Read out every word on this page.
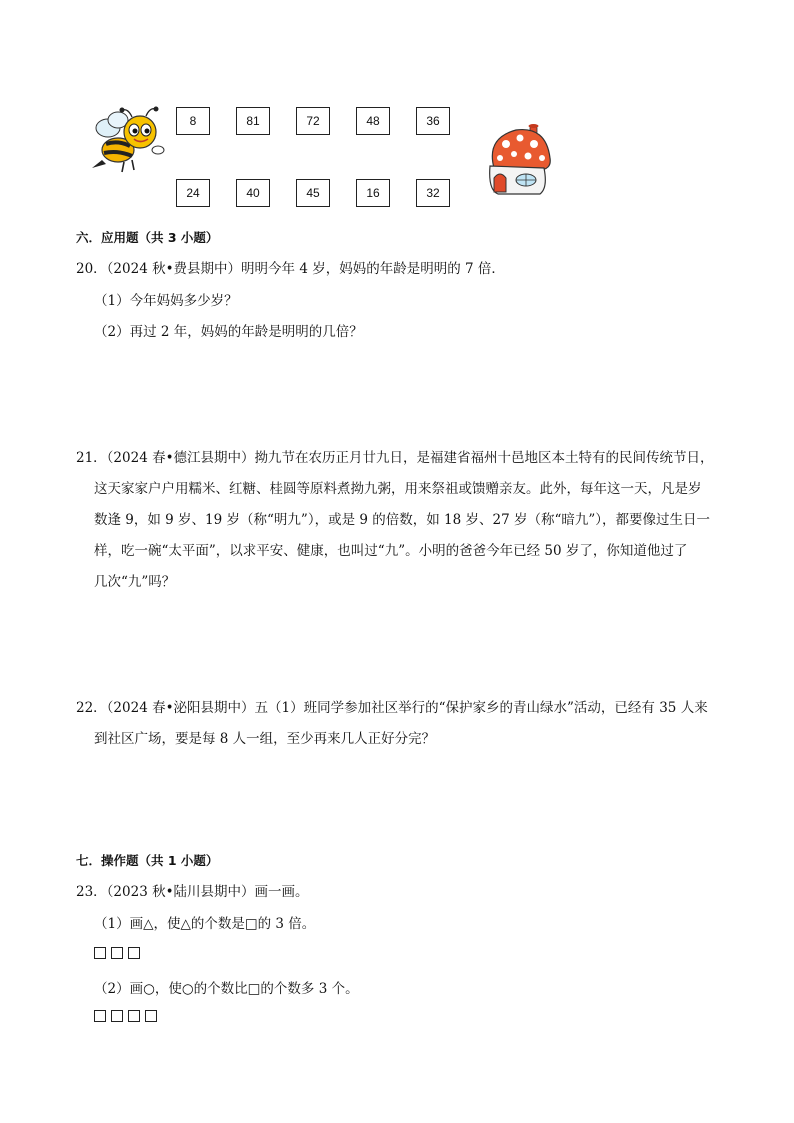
8	81	72	48	36
24	40	45	16	32
六．应用题（共 3 小题）
20．（2024 秋•费县期中）明明今年 4 岁，妈妈的年龄是明明的 7 倍．
（1）今年妈妈多少岁？
（2）再过 2 年，妈妈的年龄是明明的几倍？
21．（2024 春•德江县期中）拗九节在农历正月廿九日，是福建省福州十邑地区本土特有的民间传统节日，
这天家家户户用糯米、红糖、桂圆等原料煮拗九粥，用来祭祖或馈赠亲友。此外，每年这一天，凡是岁
数逢 9，如 9 岁、19 岁（称“明九”），或是 9 的倍数，如 18 岁、27 岁（称“暗九”），都要像过生日一
样，吃一碗“太平面”，以求平安、健康，也叫过“九”。小明的爸爸今年已经 50 岁了，你知道他过了
几次“九”吗？
22．（2024 春•泌阳县期中）五（1）班同学参加社区举行的“保护家乡的青山绿水”活动，已经有 35 人来
到社区广场，要是每 8 人一组，至少再来几人正好分完？
七．操作题（共 1 小题）
23．（2023 秋•陆川县期中）画一画。
（1）画△，使△的个数是□的 3 倍。
（2）画○，使○的个数比□的个数多 3 个。
